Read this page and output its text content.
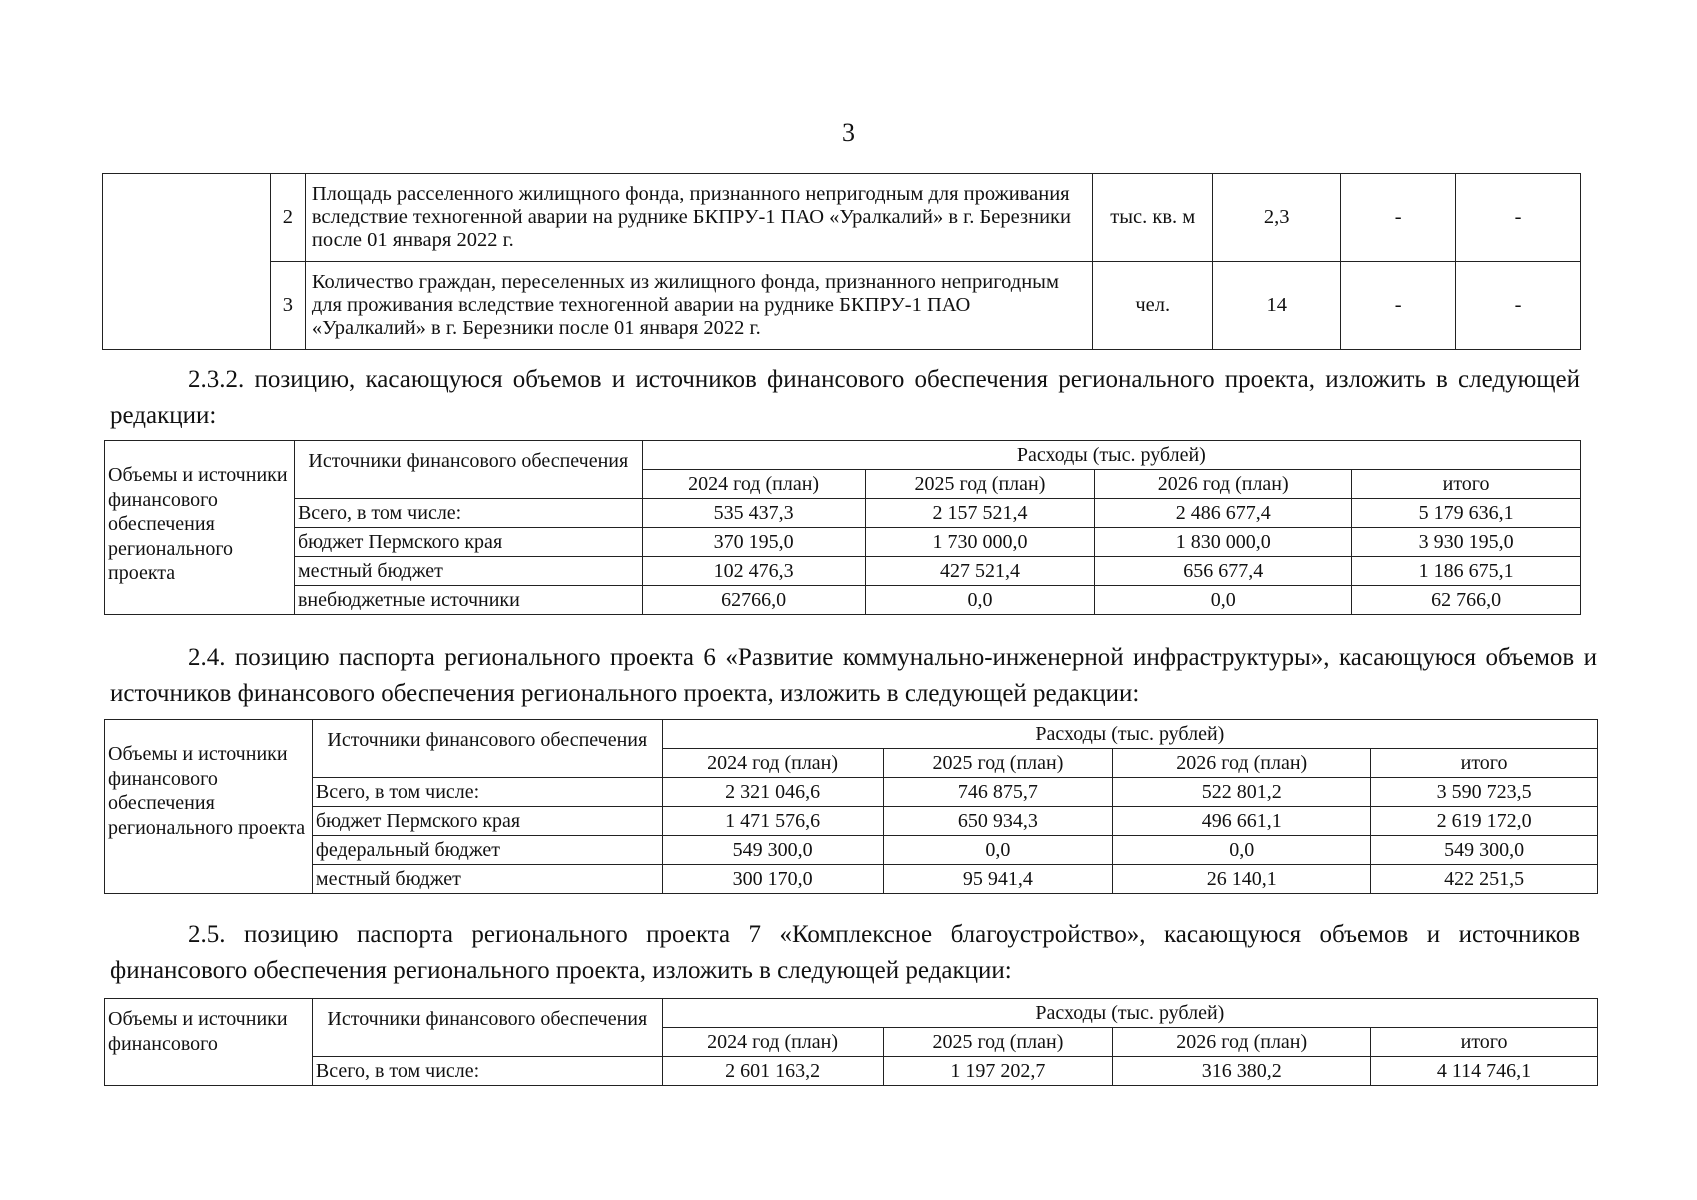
3
	2	Площадь расселенного жилищного фонда, признанного непригодным для проживания вследствие техногенной аварии на руднике БКПРУ-1 ПАО «Уралкалий» в г. Березники после 01 января 2022 г.	тыс. кв. м	2,3	-	-
	3	Количество граждан, переселенных из жилищного фонда, признанного непригодным для проживания вследствие техногенной аварии на руднике БКПРУ-1 ПАО «Уралкалий» в г. Березники после 01 января 2022 г.	чел.	14	-	-
2.3.2. позицию, касающуюся объемов и источников финансового обеспечения регионального проекта, изложить в следующей редакции:
Объемы и источники финансового обеспечения регионального проекта	Источники финансового обеспечения	Расходы (тыс. рублей)			
		2024 год (план)	2025 год (план)	2026 год (план)	итого
	Всего, в том числе:	535 437,3	2 157 521,4	2 486 677,4	5 179 636,1
	бюджет Пермского края	370 195,0	1 730 000,0	1 830 000,0	3 930 195,0
	местный бюджет	102 476,3	427 521,4	656 677,4	1 186 675,1
	внебюджетные источники	62766,0	0,0	0,0	62 766,0
2.4. позицию паспорта регионального проекта 6 «Развитие коммунально-инженерной инфраструктуры», касающуюся объемов и источников финансового обеспечения регионального проекта, изложить в следующей редакции:
Объемы и источники финансового обеспечения регионального проекта	Источники финансового обеспечения	Расходы (тыс. рублей)			
		2024 год (план)	2025 год (план)	2026 год (план)	итого
	Всего, в том числе:	2 321 046,6	746 875,7	522 801,2	3 590 723,5
	бюджет Пермского края	1 471 576,6	650 934,3	496 661,1	2 619 172,0
	федеральный бюджет	549 300,0	0,0	0,0	549 300,0
	местный бюджет	300 170,0	95 941,4	26 140,1	422 251,5
2.5. позицию паспорта регионального проекта 7 «Комплексное благоустройство», касающуюся объемов и источников финансового обеспечения регионального проекта, изложить в следующей редакции:
Объемы и источники финансового	Источники финансового обеспечения	Расходы (тыс. рублей)			
		2024 год (план)	2025 год (план)	2026 год (план)	итого
	Всего, в том числе:	2 601 163,2	1 197 202,7	316 380,2	4 114 746,1
